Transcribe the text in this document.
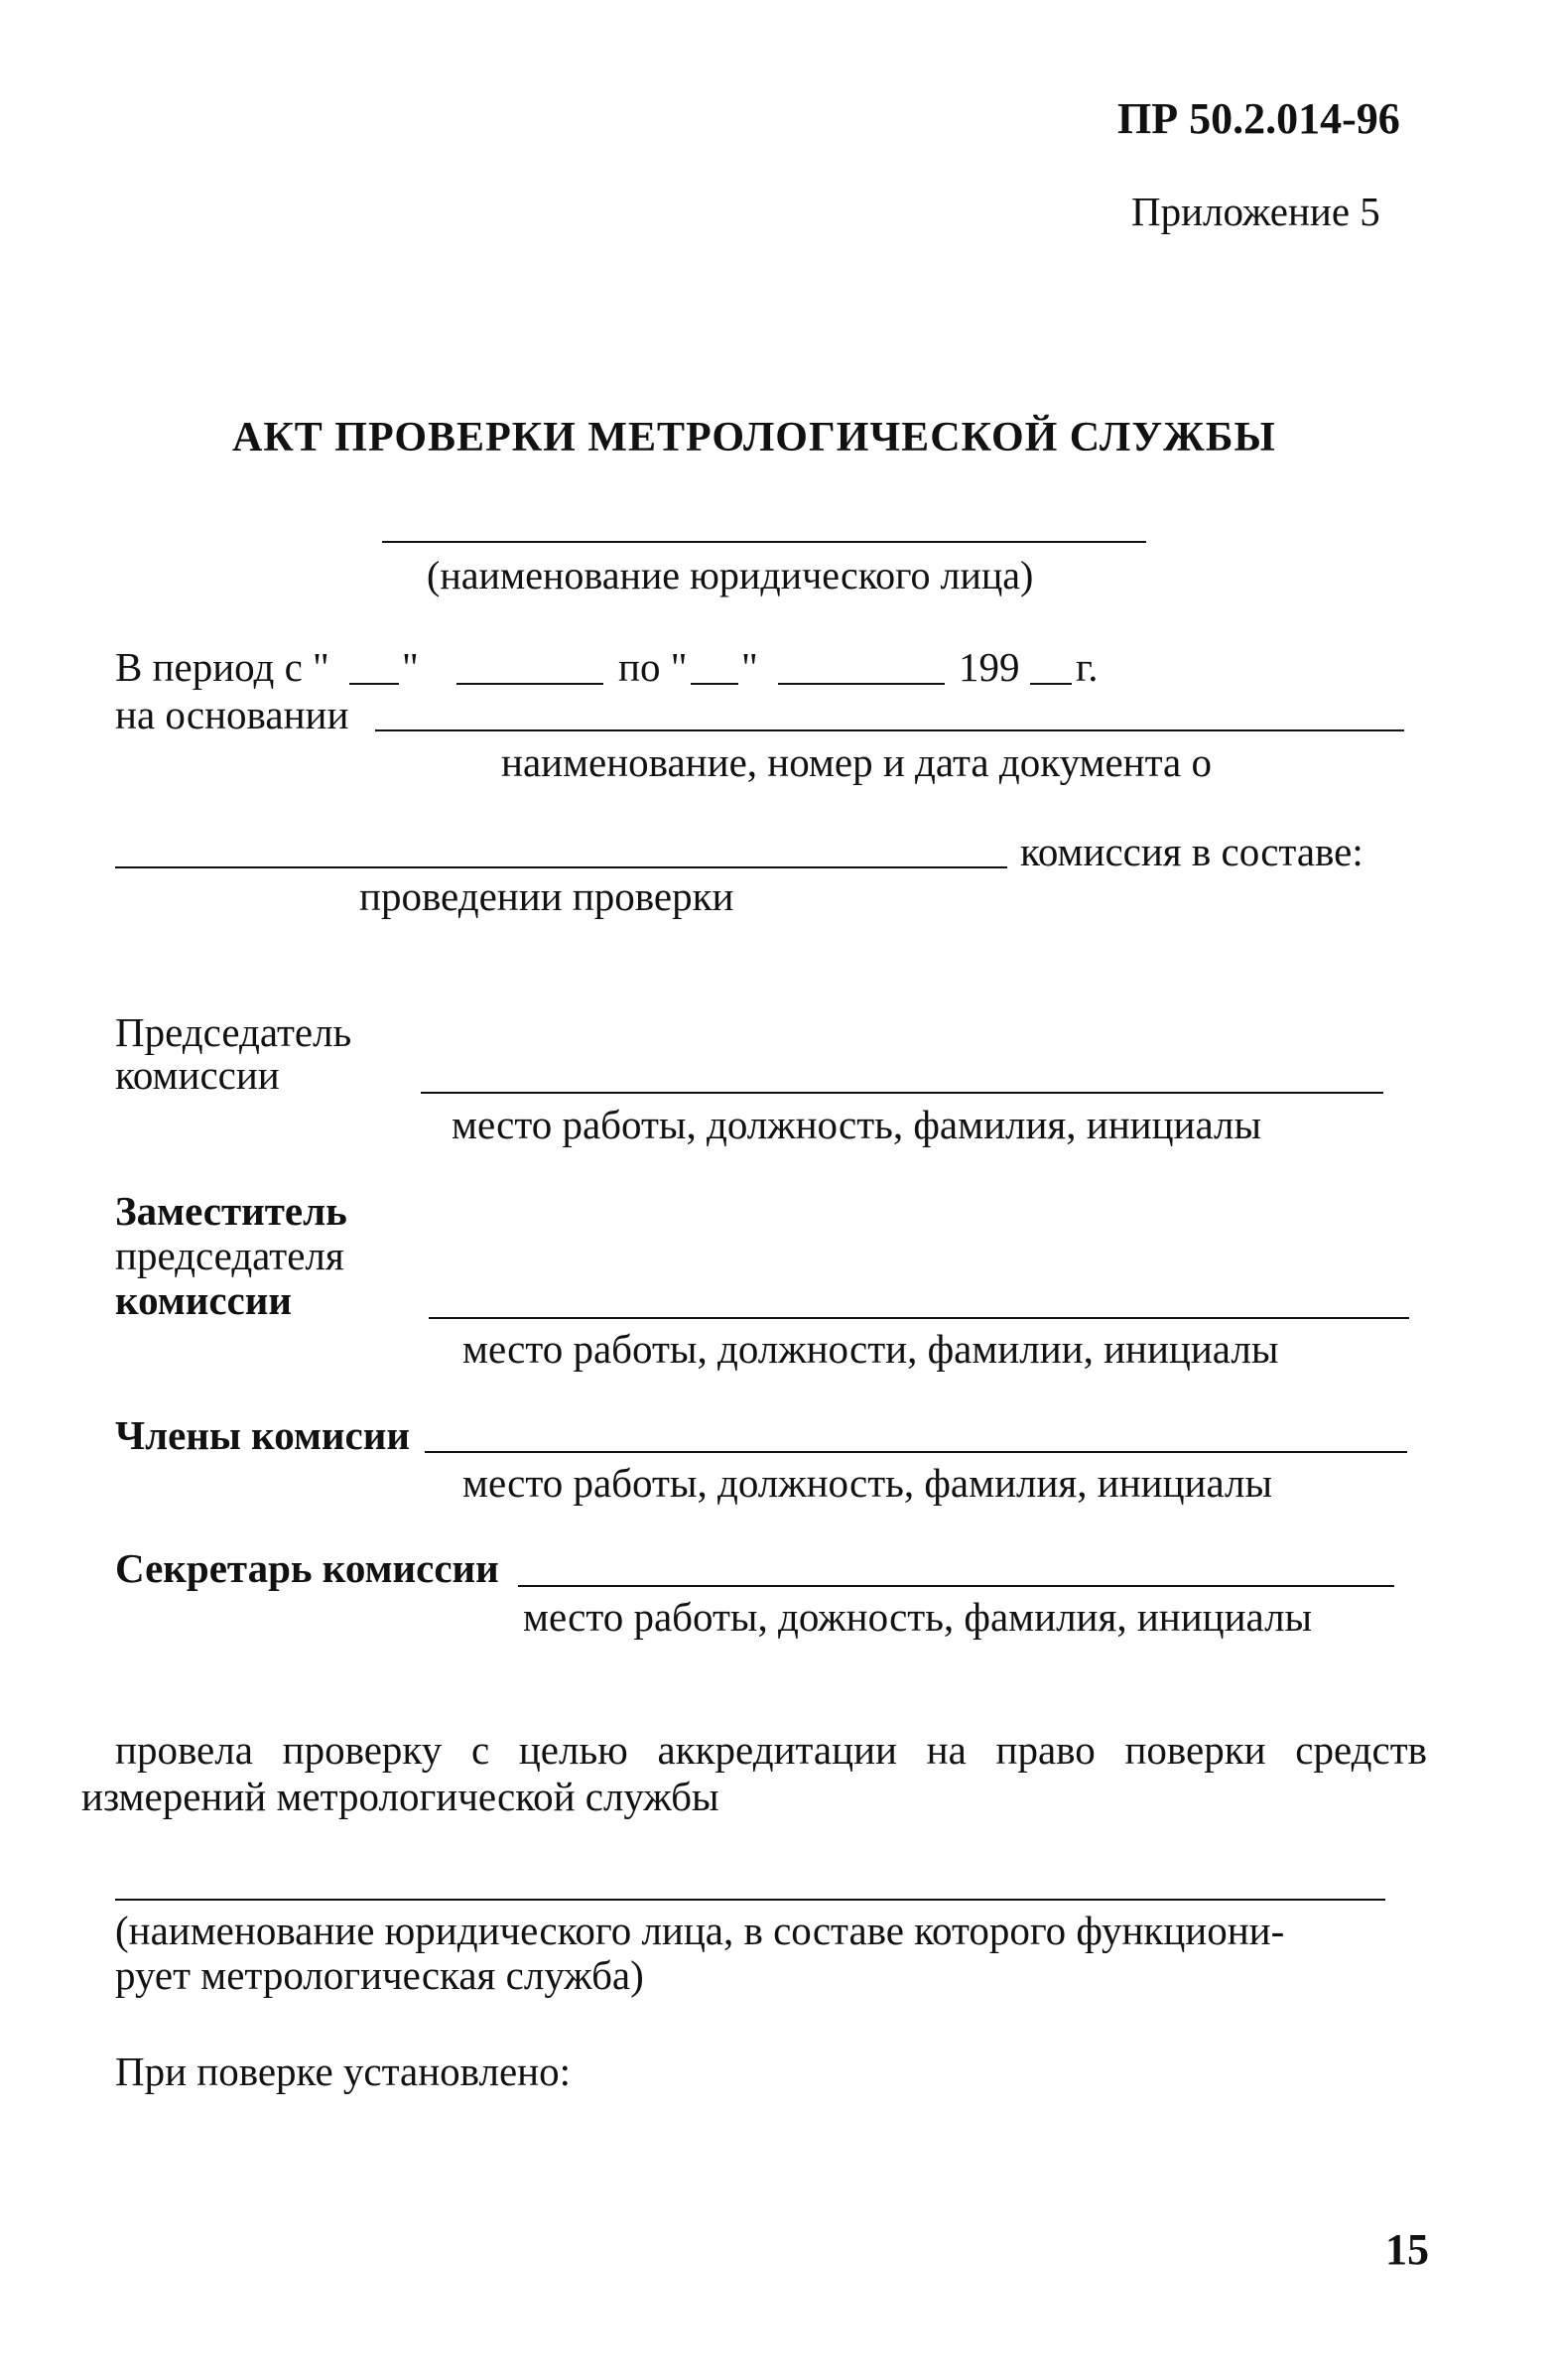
ПР 50.2.014-96
Приложение 5
АКТ ПРОВЕРКИ МЕТРОЛОГИЧЕСКОЙ СЛУЖБЫ
(наименование юридического лица)
В период с " "	по " "	199 г.
на основании
наименование, номер и дата документа о
комиссия в составе:
проведении проверки
Председатель
комиссии
место работы, должность, фамилия, инициалы
Заместитель
председателя
комиссии
место работы, должности, фамилии, инициалы
Члены комисии
место работы, должность, фамилия, инициалы
Секретарь комиссии
место работы, дожность, фамилия, инициалы
провела проверку с целью аккредитации на право поверки средств
измерений метрологической службы
(наименование юридического лица, в составе которого функциони-
рует метрологическая служба)
При поверке установлено:
15
